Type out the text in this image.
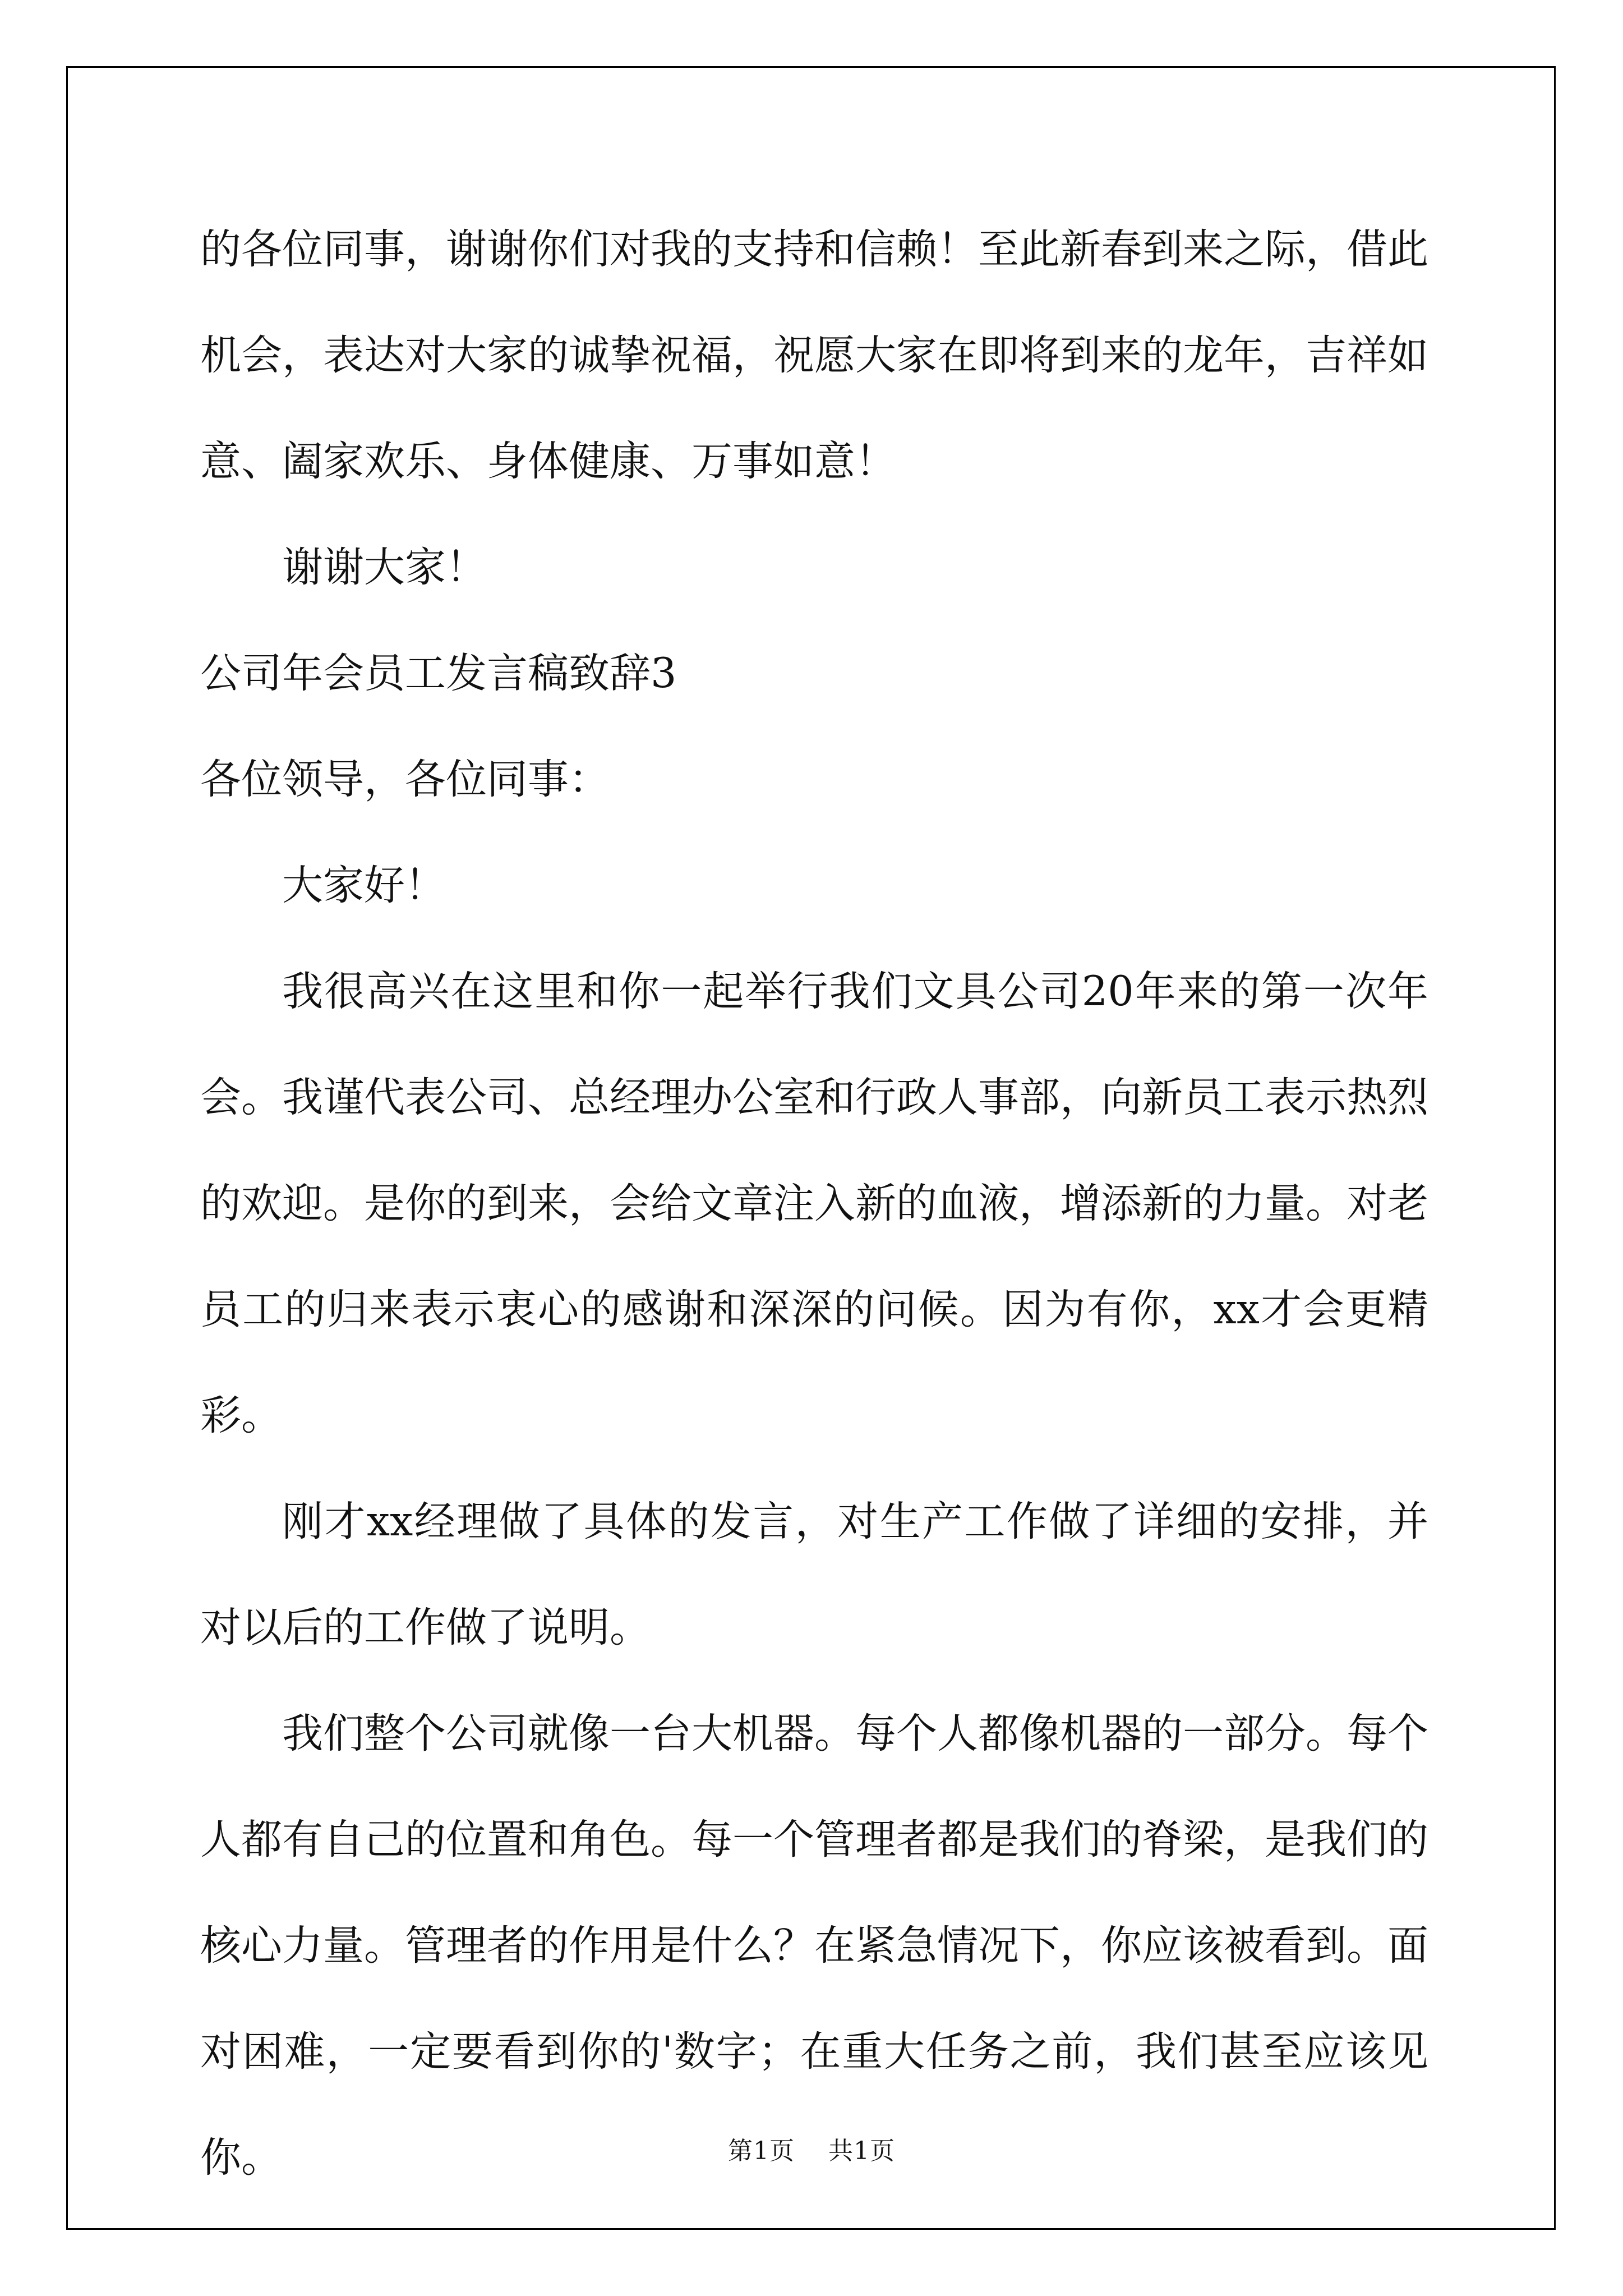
的各位同事，谢谢你们对我的支持和信赖！至此新春到来之际，借此机会，表达对大家的诚挚祝福，祝愿大家在即将到来的龙年，吉祥如意、阖家欢乐、身体健康、万事如意！

谢谢大家！

公司年会员工发言稿致辞3

各位领导，各位同事：

大家好！

我很高兴在这里和你一起举行我们文具公司20年来的第一次年会。我谨代表公司、总经理办公室和行政人事部，向新员工表示热烈的欢迎。是你的到来，会给文章注入新的血液，增添新的力量。对老员工的归来表示衷心的感谢和深深的问候。因为有你，xx才会更精彩。

刚才xx经理做了具体的发言，对生产工作做了详细的安排，并对以后的工作做了说明。

我们整个公司就像一台大机器。每个人都像机器的一部分。每个人都有自己的位置和角色。每一个管理者都是我们的脊梁，是我们的核心力量。管理者的作用是什么？在紧急情况下，你应该被看到。面对困难，一定要看到你的'数字；在重大任务之前，我们甚至应该见你。	第1页 共1页
